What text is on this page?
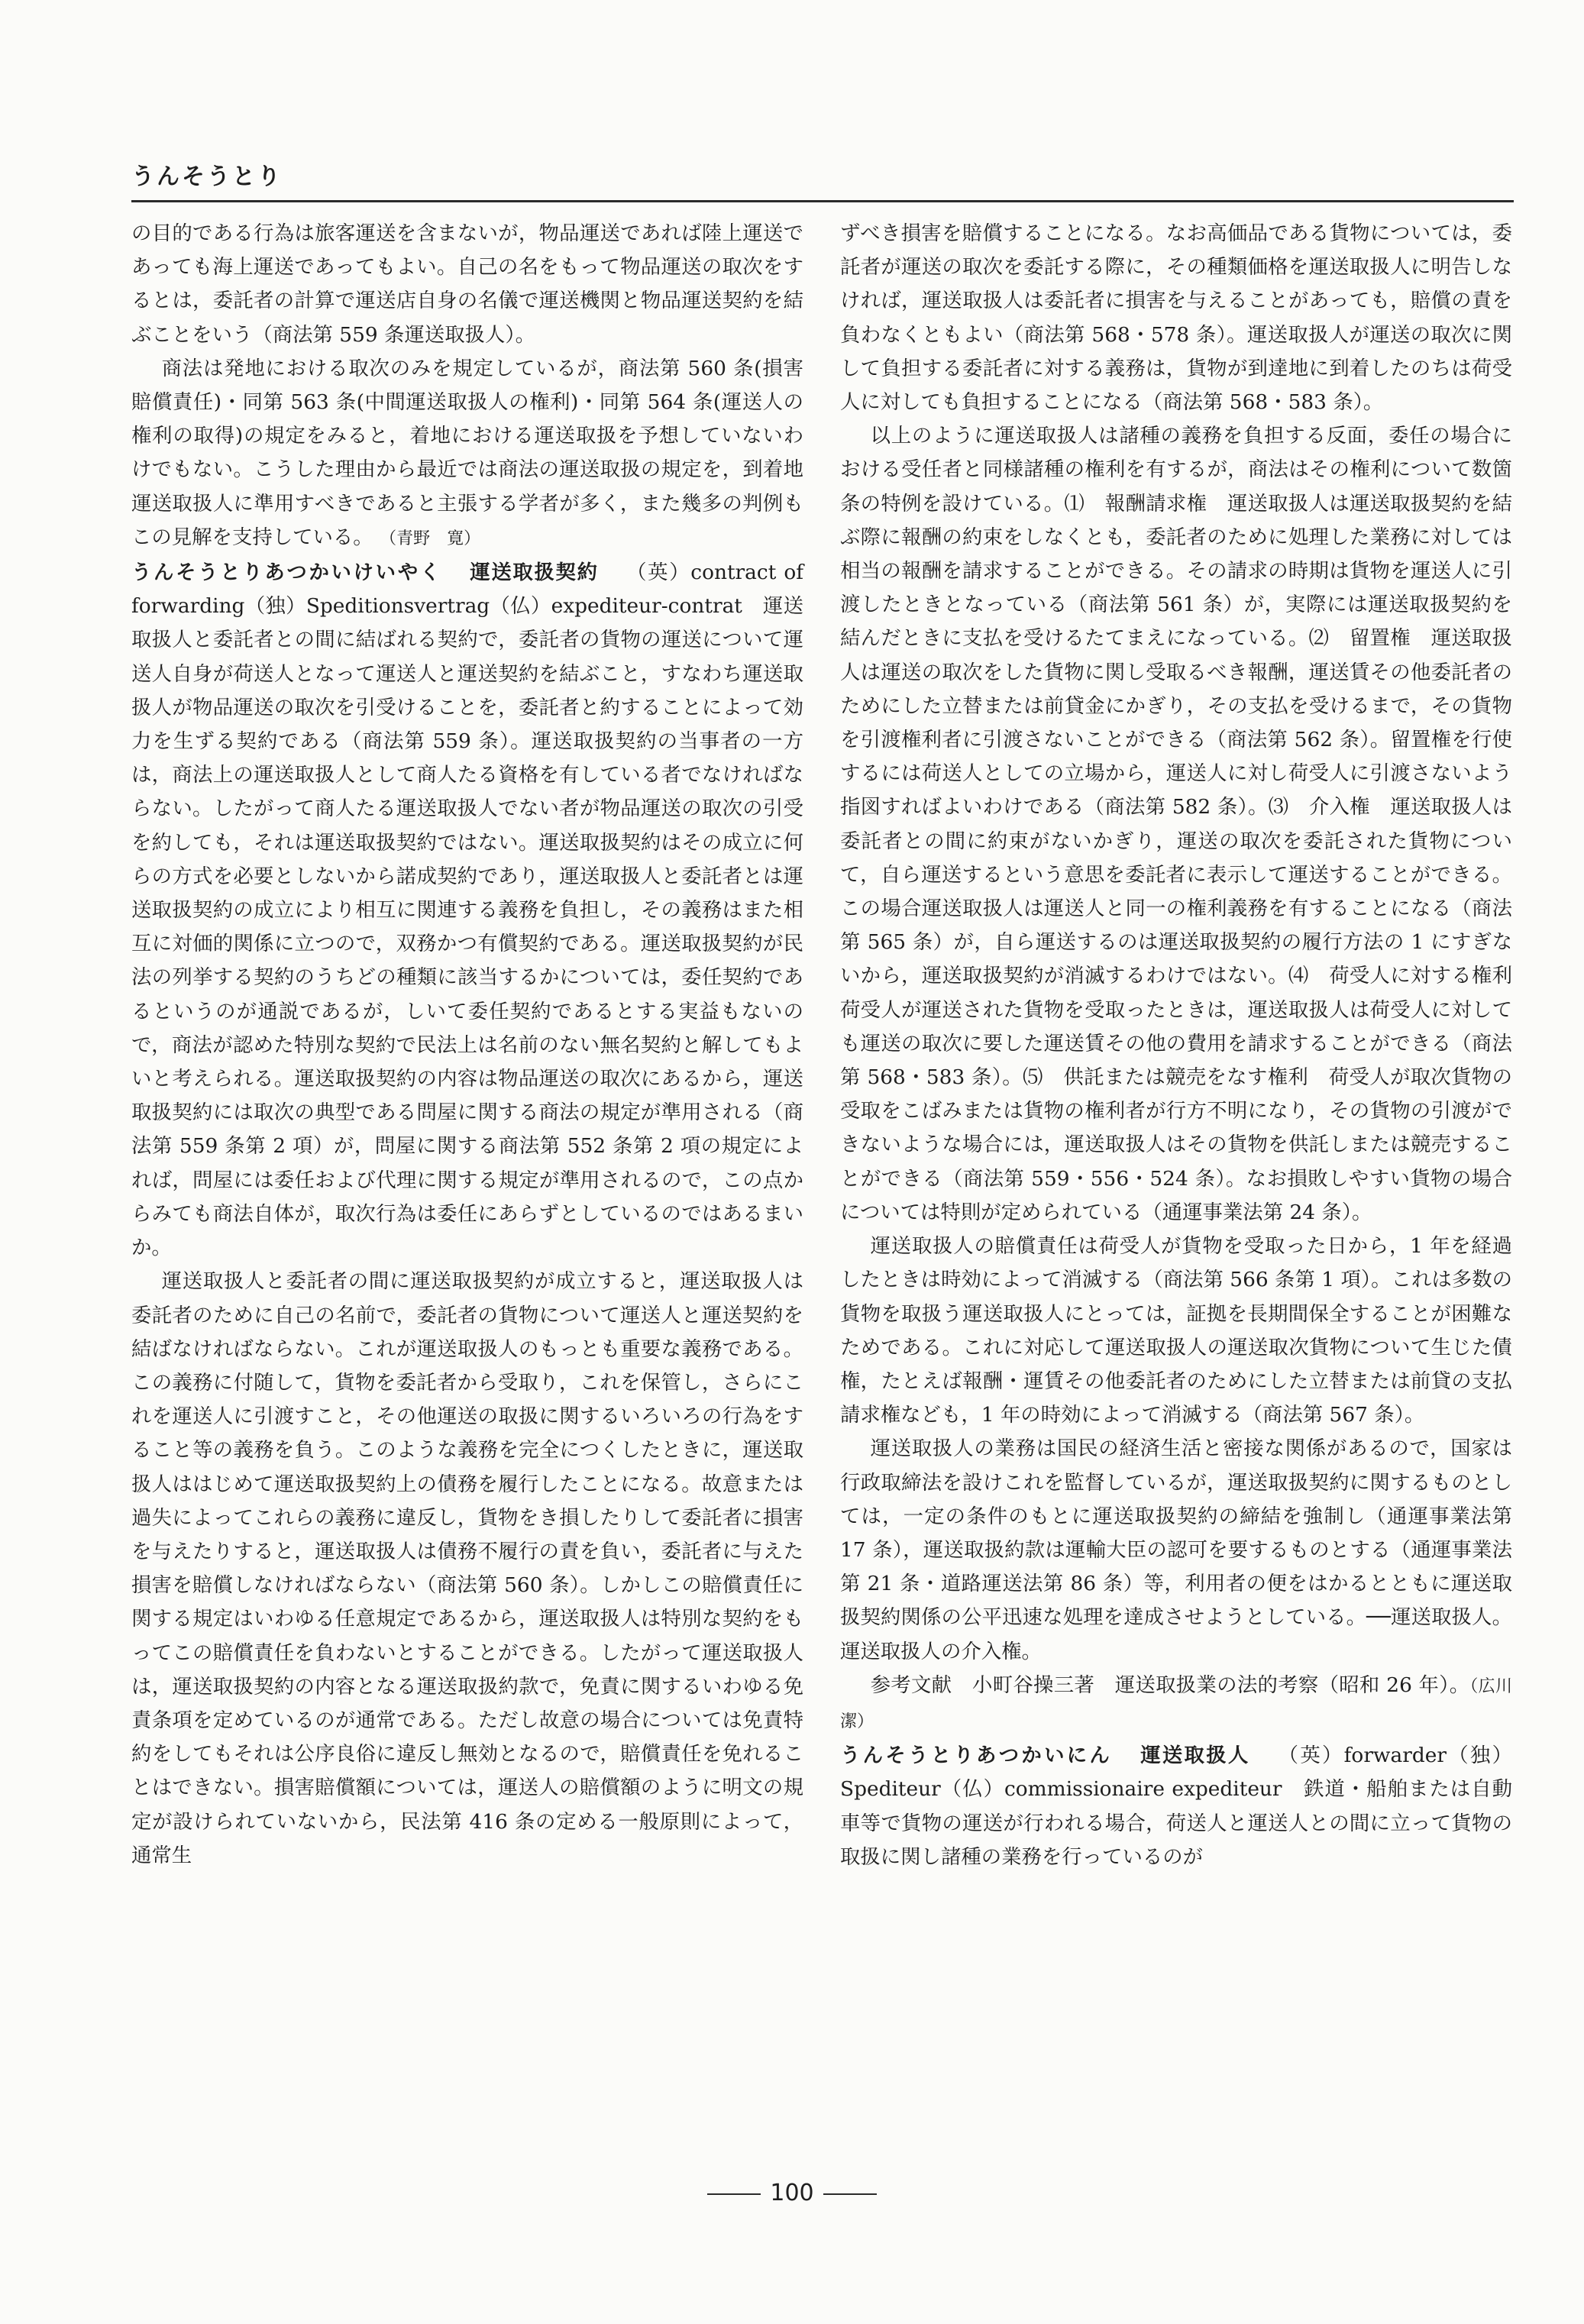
うんそうとり

の目的である行為は旅客運送を含まないが，物品運送であれば陸上運送であっても海上運送であってもよい。自己の名をもって物品運送の取次をするとは，委託者の計算で運送店自身の名儀で運送機関と物品運送契約を結ぶことをいう（商法第 559 条運送取扱人）。

商法は発地における取次のみを規定しているが，商法第 560 条(損害賠償責任)・同第 563 条(中間運送取扱人の権利)・同第 564 条(運送人の権利の取得)の規定をみると，着地における運送取扱を予想していないわけでもない。こうした理由から最近では商法の運送取扱の規定を，到着地運送取扱人に準用すべきであると主張する学者が多く，また幾多の判例もこの見解を支持している。 （青野　寛）

うんそうとりあつかいけいやく 運送取扱契約 （英）contract of forwarding（独）Speditionsvertrag（仏）expediteur-contrat　運送取扱人と委託者との間に結ばれる契約で，委託者の貨物の運送について運送人自身が荷送人となって運送人と運送契約を結ぶこと，すなわち運送取扱人が物品運送の取次を引受けることを，委託者と約することによって効力を生ずる契約である（商法第 559 条）。運送取扱契約の当事者の一方は，商法上の運送取扱人として商人たる資格を有している者でなければならない。したがって商人たる運送取扱人でない者が物品運送の取次の引受を約しても，それは運送取扱契約ではない。運送取扱契約はその成立に何らの方式を必要としないから諾成契約であり，運送取扱人と委託者とは運送取扱契約の成立により相互に関連する義務を負担し，その義務はまた相互に対価的関係に立つので，双務かつ有償契約である。運送取扱契約が民法の列挙する契約のうちどの種類に該当するかについては，委任契約であるというのが通説であるが，しいて委任契約であるとする実益もないので，商法が認めた特別な契約で民法上は名前のない無名契約と解してもよいと考えられる。運送取扱契約の内容は物品運送の取次にあるから，運送取扱契約には取次の典型である問屋に関する商法の規定が準用される（商法第 559 条第 2 項）が，問屋に関する商法第 552 条第 2 項の規定によれば，問屋には委任および代理に関する規定が準用されるので，この点からみても商法自体が，取次行為は委任にあらずとしているのではあるまいか。

運送取扱人と委託者の間に運送取扱契約が成立すると，運送取扱人は委託者のために自己の名前で，委託者の貨物について運送人と運送契約を結ばなければならない。これが運送取扱人のもっとも重要な義務である。この義務に付随して，貨物を委託者から受取り，これを保管し，さらにこれを運送人に引渡すこと，その他運送の取扱に関するいろいろの行為をすること等の義務を負う。このような義務を完全につくしたときに，運送取扱人ははじめて運送取扱契約上の債務を履行したことになる。故意または過失によってこれらの義務に違反し，貨物をき損したりして委託者に損害を与えたりすると，運送取扱人は債務不履行の責を負い，委託者に与えた損害を賠償しなければならない（商法第 560 条）。しかしこの賠償責任に関する規定はいわゆる任意規定であるから，運送取扱人は特別な契約をもってこの賠償責任を負わないとすることができる。したがって運送取扱人は，運送取扱契約の内容となる運送取扱約款で，免責に関するいわゆる免責条項を定めているのが通常である。ただし故意の場合については免責特約をしてもそれは公序良俗に違反し無効となるので，賠償責任を免れることはできない。損害賠償額については，運送人の賠償額のように明文の規定が設けられていないから，民法第 416 条の定める一般原則によって，通常生

ずべき損害を賠償することになる。なお高価品である貨物については，委託者が運送の取次を委託する際に，その種類価格を運送取扱人に明告しなければ，運送取扱人は委託者に損害を与えることがあっても，賠償の責を負わなくともよい（商法第 568・578 条）。運送取扱人が運送の取次に関して負担する委託者に対する義務は，貨物が到達地に到着したのちは荷受人に対しても負担することになる（商法第 568・583 条）。

以上のように運送取扱人は諸種の義務を負担する反面，委任の場合における受任者と同様諸種の権利を有するが，商法はその権利について数箇条の特例を設けている。⑴　報酬請求権　運送取扱人は運送取扱契約を結ぶ際に報酬の約束をしなくとも，委託者のために処理した業務に対しては相当の報酬を請求することができる。その請求の時期は貨物を運送人に引渡したときとなっている（商法第 561 条）が，実際には運送取扱契約を結んだときに支払を受けるたてまえになっている。⑵　留置権　運送取扱人は運送の取次をした貨物に関し受取るべき報酬，運送賃その他委託者のためにした立替または前貸金にかぎり，その支払を受けるまで，その貨物を引渡権利者に引渡さないことができる（商法第 562 条）。留置権を行使するには荷送人としての立場から，運送人に対し荷受人に引渡さないよう指図すればよいわけである（商法第 582 条）。⑶　介入権　運送取扱人は委託者との間に約束がないかぎり，運送の取次を委託された貨物について，自ら運送するという意思を委託者に表示して運送することができる。この場合運送取扱人は運送人と同一の権利義務を有することになる（商法第 565 条）が，自ら運送するのは運送取扱契約の履行方法の 1 にすぎないから，運送取扱契約が消滅するわけではない。⑷　荷受人に対する権利　荷受人が運送された貨物を受取ったときは，運送取扱人は荷受人に対しても運送の取次に要した運送賃その他の費用を請求することができる（商法第 568・583 条）。⑸　供託または競売をなす権利　荷受人が取次貨物の受取をこばみまたは貨物の権利者が行方不明になり，その貨物の引渡ができないような場合には，運送取扱人はその貨物を供託しまたは競売することができる（商法第 559・556・524 条）。なお損敗しやすい貨物の場合については特則が定められている（通運事業法第 24 条）。

運送取扱人の賠償責任は荷受人が貨物を受取った日から，1 年を経過したときは時効によって消滅する（商法第 566 条第 1 項）。これは多数の貨物を取扱う運送取扱人にとっては，証拠を長期間保全することが困難なためである。これに対応して運送取扱人の運送取次貨物について生じた債権，たとえば報酬・運賃その他委託者のためにした立替または前貸の支払請求権なども，1 年の時効によって消滅する（商法第 567 条）。

運送取扱人の業務は国民の経済生活と密接な関係があるので，国家は行政取締法を設けこれを監督しているが，運送取扱契約に関するものとしては，一定の条件のもとに運送取扱契約の締結を強制し（通運事業法第 17 条），運送取扱約款は運輸大臣の認可を要するものとする（通運事業法第 21 条・道路運送法第 86 条）等，利用者の便をはかるとともに運送取扱契約関係の公平迅速な処理を達成させようとしている。──運送取扱人。運送取扱人の介入権。

参考文献　小町谷操三著　運送取扱業の法的考察（昭和 26 年）。（広川　潔）

うんそうとりあつかいにん 運送取扱人 （英）forwarder（独）Spediteur（仏）commissionaire expediteur　鉄道・船舶または自動車等で貨物の運送が行われる場合，荷送人と運送人との間に立って貨物の取扱に関し諸種の業務を行っているのが

100
